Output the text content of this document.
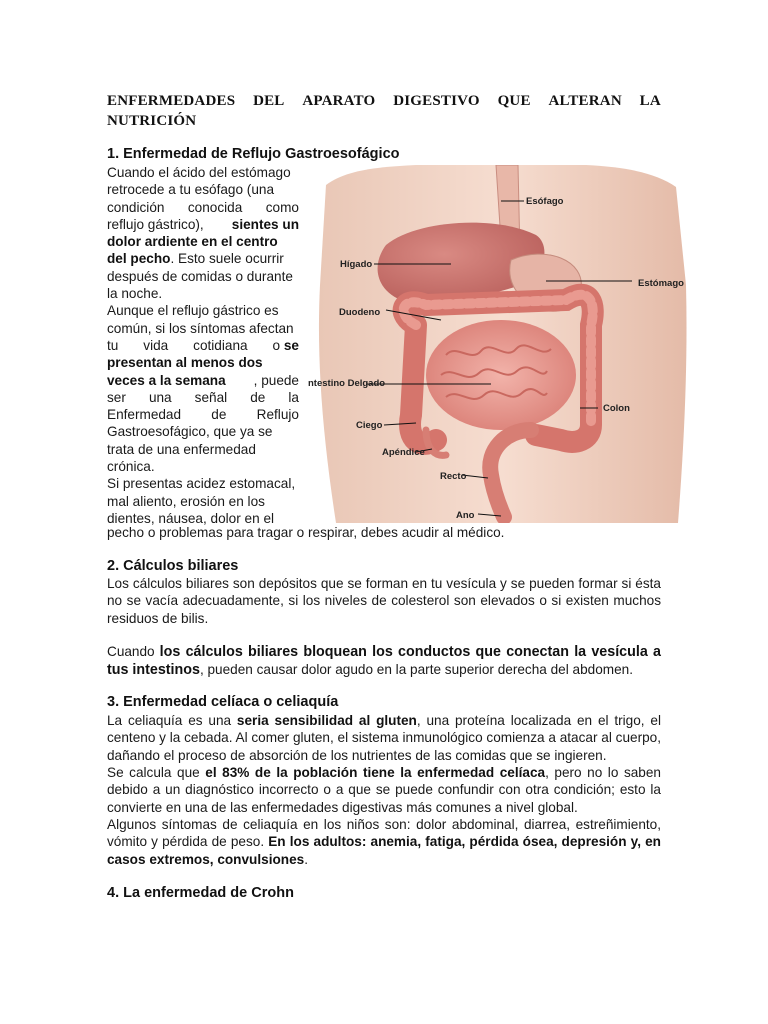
ENFERMEDADES DEL APARATO DIGESTIVO QUE ALTERAN LA
NUTRICIÓN
1. Enfermedad de Reflujo Gastroesofágico
Cuando el ácido del estómago
retrocede a tu esófago (una
condición conocida como
reflujo gástrico), sientes un
dolor ardiente en el centro
del pecho. Esto suele ocurrir
después de comidas o durante
la noche.
Aunque el reflujo gástrico es
común, si los síntomas afectan
tu vida cotidiana o se
presentan al menos dos
veces a la semana , puede
ser una señal de la
Enfermedad de Reflujo
Gastroesofágico, que ya se
trata de una enfermedad
crónica.
Si presentas acidez estomacal,
mal aliento, erosión en los
dientes, náusea, dolor en el
pecho o problemas para tragar o respirar, debes acudir al médico.
Esófago
Hígado
Estómago
Duodeno
ntestino Delgado
Colon
Ciego
Apéndice
Recto
Ano
2. Cálculos biliares
Los cálculos biliares son depósitos que se forman en tu vesícula y se pueden formar si ésta no se vacía adecuadamente, si los niveles de colesterol son elevados o si existen muchos residuos de bilis.
Cuando los cálculos biliares bloquean los conductos que conectan la vesícula a tus intestinos, pueden causar dolor agudo en la parte superior derecha del abdomen.
3. Enfermedad celíaca o celiaquía
La celiaquía es una seria sensibilidad al gluten, una proteína localizada en el trigo, el centeno y la cebada. Al comer gluten, el sistema inmunológico comienza a atacar al cuerpo, dañando el proceso de absorción de los nutrientes de las comidas que se ingieren.
Se calcula que el 83% de la población tiene la enfermedad celíaca, pero no lo saben debido a un diagnóstico incorrecto o a que se puede confundir con otra condición; esto la convierte en una de las enfermedades digestivas más comunes a nivel global.
Algunos síntomas de celiaquía en los niños son: dolor abdominal, diarrea, estreñimiento, vómito y pérdida de peso. En los adultos: anemia, fatiga, pérdida ósea, depresión y, en casos extremos, convulsiones.
4. La enfermedad de Crohn
